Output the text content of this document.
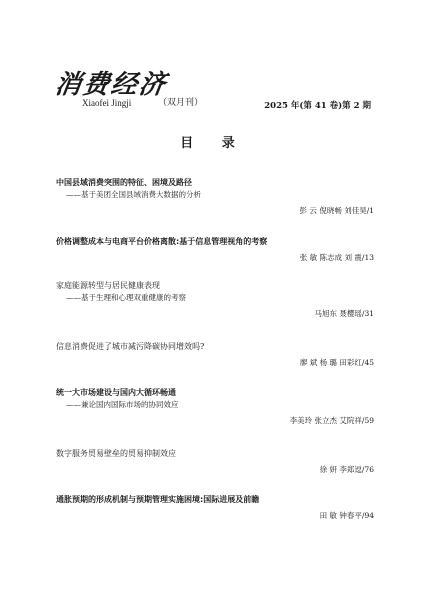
消费经济
Xiaofei Jingji	（双月刊）	2025 年(第 41 卷)第 2 期
目 录
中国县域消费突围的特征、困境及路径
——基于美团全国县域消费大数据的分析
彭 云 倪晓畅 刘佳昊/1
价格调整成本与电商平台价格离散:基于信息管理视角的考察
张 敏 陈志成 刘 震/13
家庭能源转型与居民健康表现
——基于生理和心理双重健康的考察
马旭东 聂樱瑶/31
信息消费促进了城市减污降碳协同增效吗?
廖 斌 杨 璐 田彩红/45
统一大市场建设与国内大循环畅通
——兼论国内国际市场的协同效应
李美玲 张立杰 艾院祥/59
数字服务贸易壁垒的贸易抑制效应
徐 妍 李郑逗/76
通胀预期的形成机制与预期管理实施困境:国际进展及前瞻
田 敏 钟春平/94
